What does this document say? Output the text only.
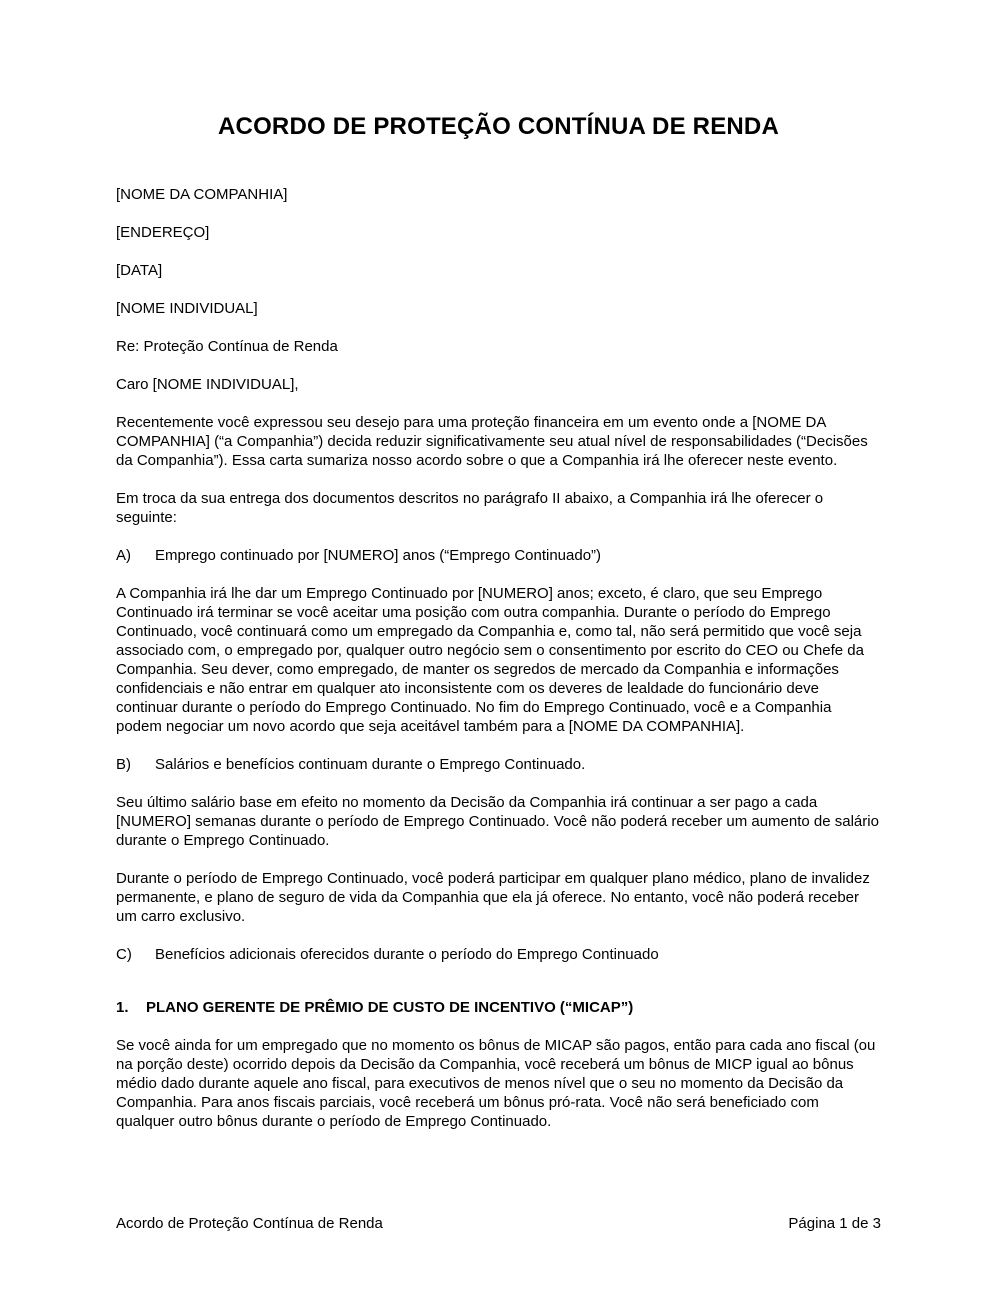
ACORDO DE PROTEÇÃO CONTÍNUA DE RENDA
[NOME DA COMPANHIA]
[ENDEREÇO]
[DATA]
[NOME INDIVIDUAL]
Re: Proteção Contínua de Renda
Caro [NOME INDIVIDUAL],

Recentemente você expressou seu desejo para uma proteção financeira em um evento onde a [NOME DA COMPANHIA] (“a Companhia”) decida reduzir significativamente seu atual nível de responsabilidades (“Decisões da Companhia”). Essa carta sumariza nosso acordo sobre o que a Companhia irá lhe oferecer neste evento.

Em troca da sua entrega dos documentos descritos no parágrafo II abaixo, a Companhia irá lhe oferecer o seguinte:

A)	Emprego continuado por [NUMERO] anos (“Emprego Continuado”)

A Companhia irá lhe dar um Emprego Continuado por [NUMERO] anos; exceto, é claro, que seu Emprego Continuado irá terminar se você aceitar uma posição com outra companhia. Durante o período do Emprego Continuado, você continuará como um empregado da Companhia e, como tal, não será permitido que você seja associado com, o empregado por, qualquer outro negócio sem o consentimento por escrito do CEO ou Chefe da Companhia. Seu dever, como empregado, de manter os segredos de mercado da Companhia e informações confidenciais e não entrar em qualquer ato inconsistente com os deveres de lealdade do funcionário deve continuar durante o período do Emprego Continuado. No fim do Emprego Continuado, você e a Companhia podem negociar um novo acordo que seja aceitável também para a [NOME DA COMPANHIA].

B)	Salários e benefícios continuam durante o Emprego Continuado.

Seu último salário base em efeito no momento da Decisão da Companhia irá continuar a ser pago a cada [NUMERO] semanas durante o período de Emprego Continuado. Você não poderá receber um aumento de salário durante o Emprego Continuado.

Durante o período de Emprego Continuado, você poderá participar em qualquer plano médico, plano de invalidez permanente, e plano de seguro de vida da Companhia que ela já oferece. No entanto, você não poderá receber um carro exclusivo.

C)	Benefícios adicionais oferecidos durante o período do Emprego Continuado
1.	PLANO GERENTE DE PRÊMIO DE CUSTO DE INCENTIVO (“MICAP”)

Se você ainda for um empregado que no momento os bônus de MICAP são pagos, então para cada ano fiscal (ou na porção deste) ocorrido depois da Decisão da Companhia, você receberá um bônus de MICP igual ao bônus médio dado durante aquele ano fiscal, para executivos de menos nível que o seu no momento da Decisão da Companhia. Para anos fiscais parciais, você receberá um bônus pró-rata. Você não será beneficiado com qualquer outro bônus durante o período de Emprego Continuado.

Acordo de Proteção Contínua de Renda	Página 1 de 3
